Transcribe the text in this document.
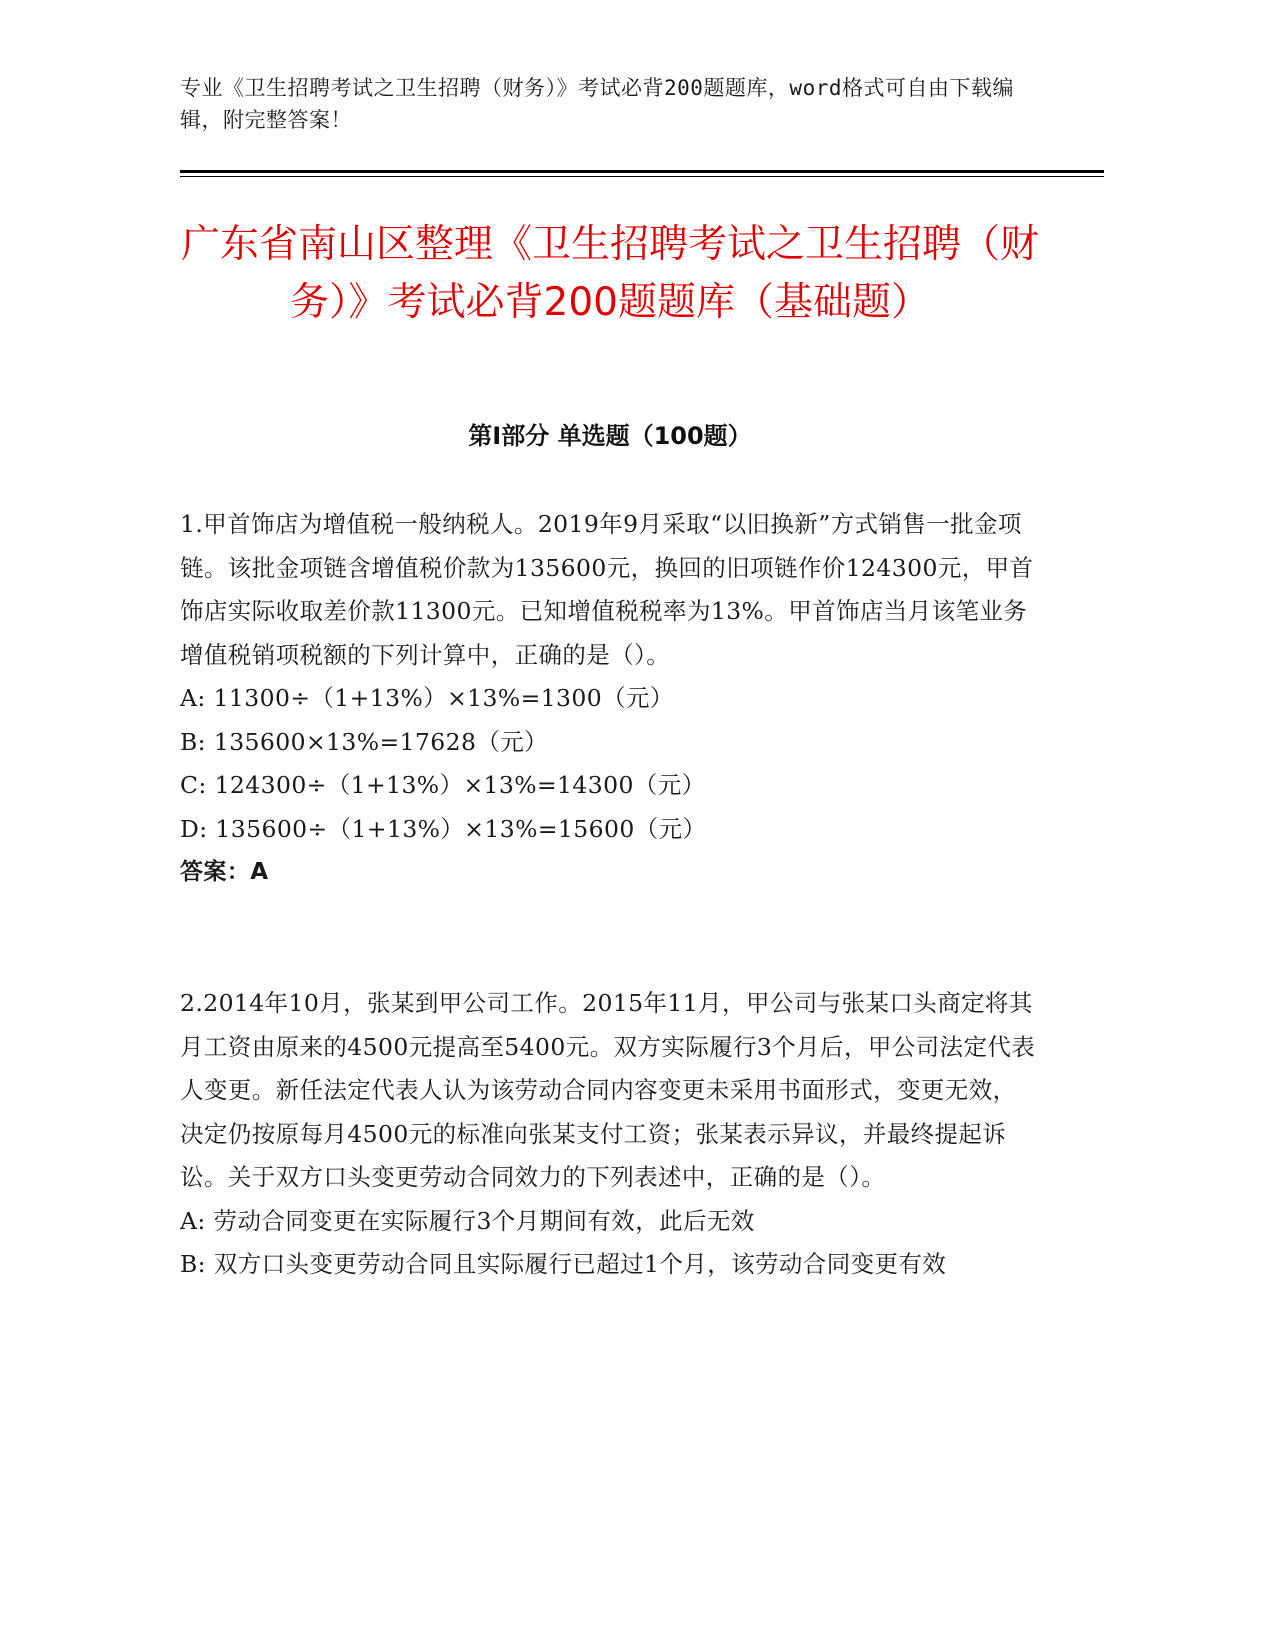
专业《卫生招聘考试之卫生招聘（财务）》考试必背200题题库，word格式可自由下载编辑，附完整答案！
广东省南山区整理《卫生招聘考试之卫生招聘（财务）》考试必背200题题库（基础题）
第I部分 单选题（100题）

1.甲首饰店为增值税一般纳税人。2019年9月采取“以旧换新”方式销售一批金项链。该批金项链含增值税价款为135600元，换回的旧项链作价124300元，甲首饰店实际收取差价款11300元。已知增值税税率为13%。甲首饰店当月该笔业务增值税销项税额的下列计算中，正确的是（）。

A: 11300÷（1+13%）×13%=1300（元）

B: 135600×13%=17628（元）

C: 124300÷（1+13%）×13%=14300（元）

D: 135600÷（1+13%）×13%=15600（元）

答案：A

2.2014年10月，张某到甲公司工作。2015年11月，甲公司与张某口头商定将其月工资由原来的4500元提高至5400元。双方实际履行3个月后，甲公司法定代表人变更。新任法定代表人认为该劳动合同内容变更未采用书面形式，变更无效，决定仍按原每月4500元的标准向张某支付工资；张某表示异议，并最终提起诉讼。关于双方口头变更劳动合同效力的下列表述中，正确的是（）。

A: 劳动合同变更在实际履行3个月期间有效，此后无效

B: 双方口头变更劳动合同且实际履行已超过1个月，该劳动合同变更有效
